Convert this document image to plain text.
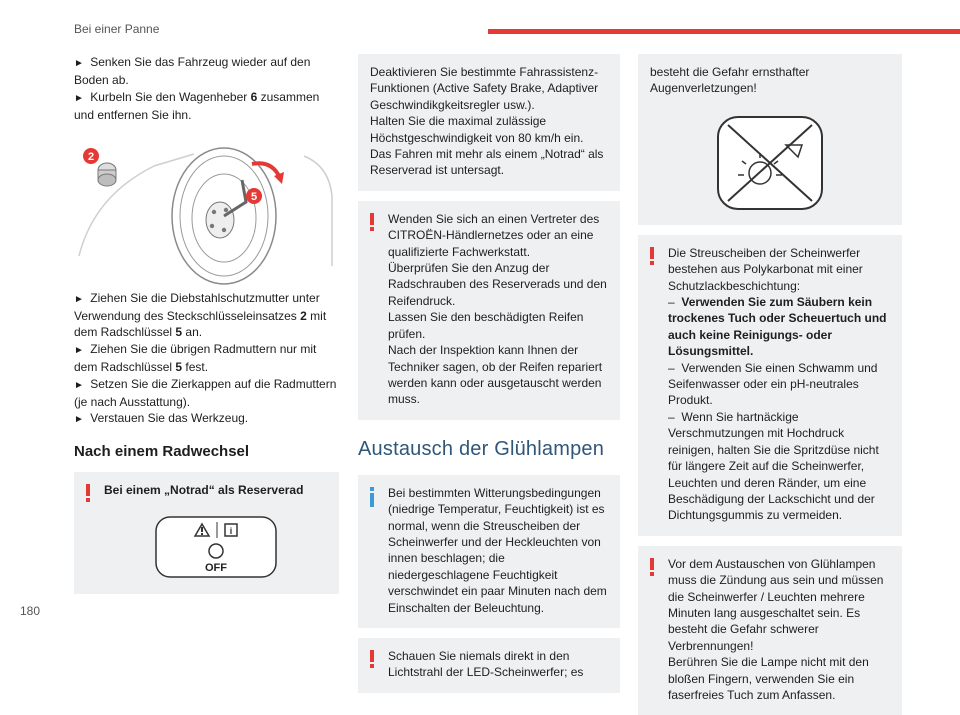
Bei einer Panne

► Senken Sie das Fahrzeug wieder auf den Boden ab.

► Kurbeln Sie den Wagenheber 6 zusammen und entfernen Sie ihn.

2
5

► Ziehen Sie die Diebstahlschutzmutter unter Verwendung des Steckschlüsseleinsatzes 2 mit dem Radschlüssel 5 an.

► Ziehen Sie die übrigen Radmuttern nur mit dem Radschlüssel 5 fest.

► Setzen Sie die Zierkappen auf die Radmuttern (je nach Ausstattung).

► Verstauen Sie das Werkzeug.

Nach einem Radwechsel
Bei einem „Notrad“ als Reserverad
i
OFF
Deaktivieren Sie bestimmte Fahrassistenz-Funktionen (Active Safety Brake, Adaptiver Geschwindikgkeitsregler usw.).
Halten Sie die maximal zulässige Höchstgeschwindigkeit von 80 km/h ein.
Das Fahren mit mehr als einem „Notrad“ als Reserverad ist untersagt.
Wenden Sie sich an einen Vertreter des CITROËN-Händlernetzes oder an eine qualifizierte Fachwerkstatt.
Überprüfen Sie den Anzug der Radschrauben des Reserverads und den Reifendruck.
Lassen Sie den beschädigten Reifen prüfen.
Nach der Inspektion kann Ihnen der Techniker sagen, ob der Reifen repariert werden kann oder ausgetauscht werden muss.
Austausch der Glühlampen
Bei bestimmten Witterungsbedingungen (niedrige Temperatur, Feuchtigkeit) ist es normal, wenn die Streuscheiben der Scheinwerfer und der Heckleuchten von innen beschlagen; die niedergeschlagene Feuchtigkeit verschwindet ein paar Minuten nach dem Einschalten der Beleuchtung.
Schauen Sie niemals direkt in den Lichtstrahl der LED-Scheinwerfer; es
besteht die Gefahr ernsthafter Augenverletzungen!
Die Streuscheiben der Scheinwerfer bestehen aus Polykarbonat mit einer Schutzlackbeschichtung:
– Verwenden Sie zum Säubern kein trockenes Tuch oder Scheuertuch und auch keine Reinigungs- oder Lösungsmittel.
– Verwenden Sie einen Schwamm und Seifenwasser oder ein pH-neutrales Produkt.
– Wenn Sie hartnäckige Verschmutzungen mit Hochdruck reinigen, halten Sie die Spritzdüse nicht für längere Zeit auf die Scheinwerfer, Leuchten und deren Ränder, um eine Beschädigung der Lackschicht und der Dichtungsgummis zu vermeiden.
Vor dem Austauschen von Glühlampen muss die Zündung aus sein und müssen die Scheinwerfer / Leuchten mehrere Minuten lang ausgeschaltet sein. Es besteht die Gefahr schwerer Verbrennungen!
Berühren Sie die Lampe nicht mit den bloßen Fingern, verwenden Sie ein faserfreies Tuch zum Anfassen.
180
